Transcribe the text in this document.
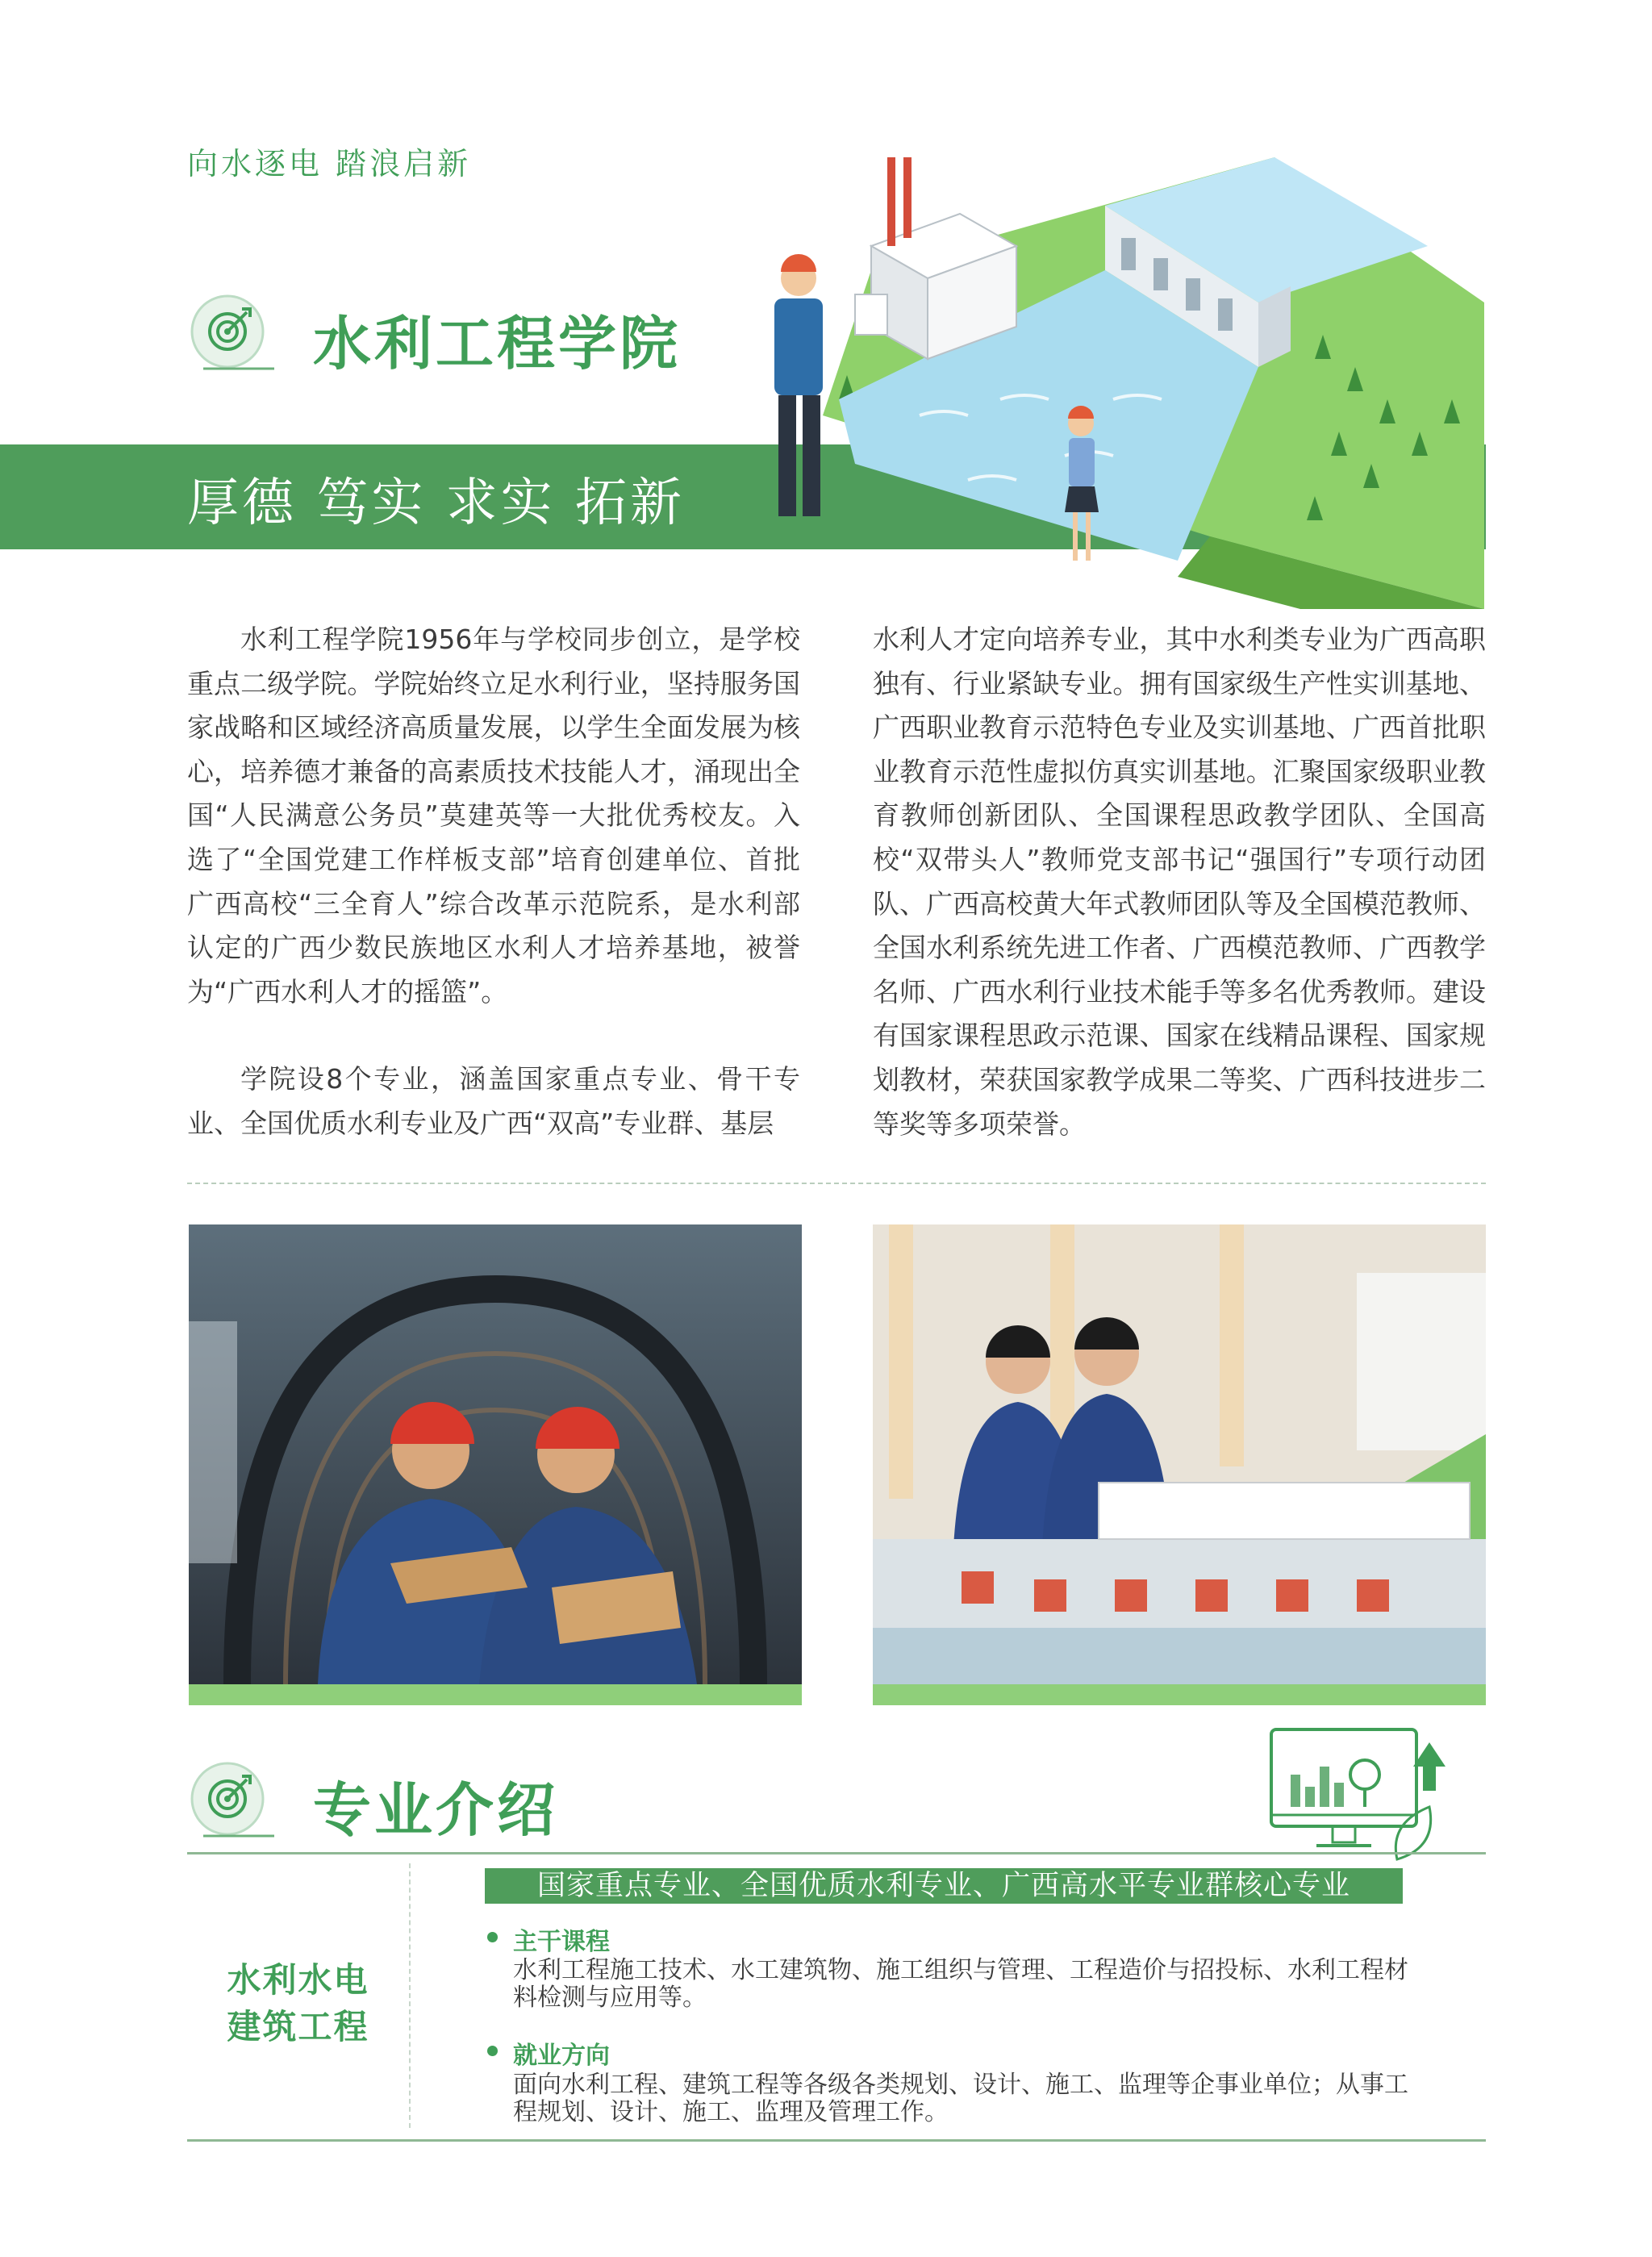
向水逐电 踏浪启新
水利工程学院
厚德 笃实 求实 拓新

水利工程学院1956年与学校同步创立，是学校重点二级学院。学院始终立足水利行业，坚持服务国家战略和区域经济高质量发展，以学生全面发展为核心，培养德才兼备的高素质技术技能人才，涌现出全国“人民满意公务员”莫建英等一大批优秀校友。入选了“全国党建工作样板支部”培育创建单位、首批广西高校“三全育人”综合改革示范院系，是水利部认定的广西少数民族地区水利人才培养基地，被誉为“广西水利人才的摇篮”。

学院设8个专业，涵盖国家重点专业、骨干专业、全国优质水利专业及广西“双高”专业群、基层

水利人才定向培养专业，其中水利类专业为广西高职独有、行业紧缺专业。拥有国家级生产性实训基地、广西职业教育示范特色专业及实训基地、广西首批职业教育示范性虚拟仿真实训基地。汇聚国家级职业教育教师创新团队、全国课程思政教学团队、全国高校“双带头人”教师党支部书记“强国行”专项行动团队、广西高校黄大年式教师团队等及全国模范教师、全国水利系统先进工作者、广西模范教师、广西教学名师、广西水利行业技术能手等多名优秀教师。建设有国家课程思政示范课、国家在线精品课程、国家规划教材，荣获国家教学成果二等奖、广西科技进步二等奖等多项荣誉。

专业介绍
水利水电
建筑工程
国家重点专业、全国优质水利专业、广西高水平专业群核心专业
主干课程
水利工程施工技术、水工建筑物、施工组织与管理、工程造价与招投标、水利工程材料检测与应用等。
就业方向
面向水利工程、建筑工程等各级各类规划、设计、施工、监理等企事业单位；从事工程规划、设计、施工、监理及管理工作。
